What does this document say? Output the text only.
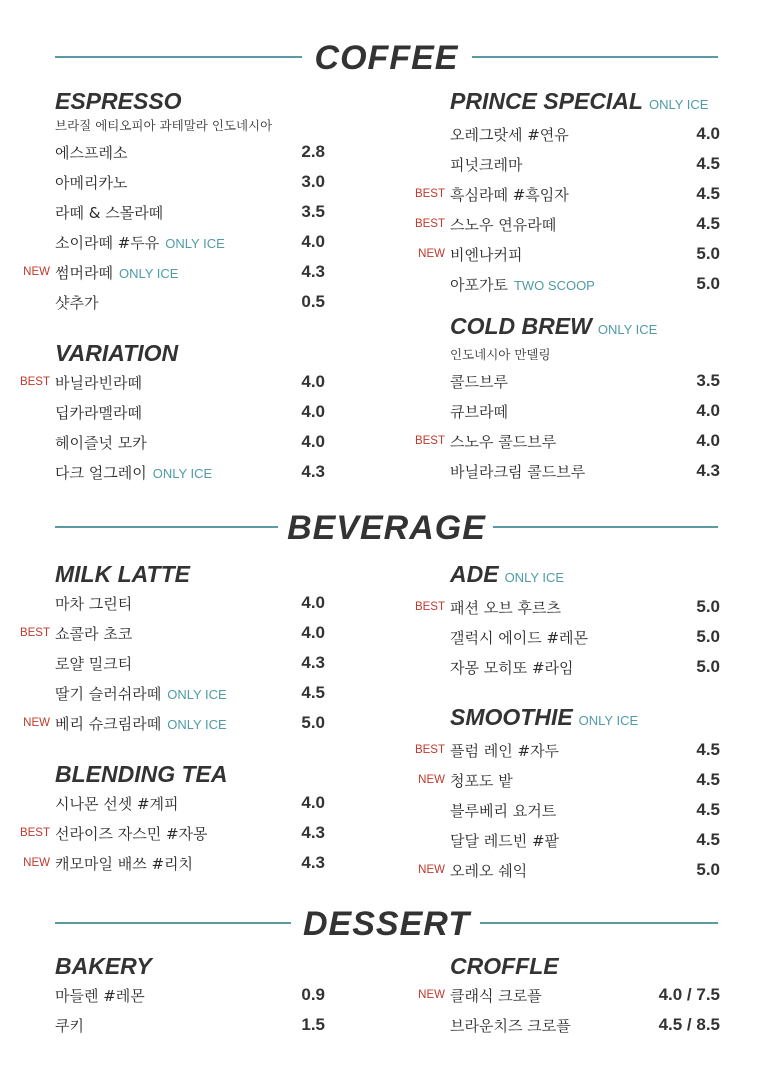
COFFEE
BEVERAGE
DESSERT
ESPRESSO
브라질 에티오피아 과테말라 인도네시아
에스프레소	2.8
아메리카노	3.0
라떼 & 스몰라떼	3.5
소이라떼 #두유 ONLY ICE	4.0
NEW 썸머라떼 ONLY ICE	4.3
샷추가	0.5
VARIATION
BEST 바닐라빈라떼	4.0
딥카라멜라떼	4.0
헤이즐넛 모카	4.0
다크 얼그레이 ONLY ICE	4.3
PRINCE SPECIAL ONLY ICE
오레그랏세 #연유	4.0
피넛크레마	4.5
BEST 흑심라떼 #흑임자	4.5
BEST 스노우 연유라떼	4.5
NEW 비엔나커피	5.0
아포가토 TWO SCOOP	5.0
COLD BREW ONLY ICE
인도네시아 만델링
콜드브루	3.5
큐브라떼	4.0
BEST 스노우 콜드브루	4.0
바닐라크림 콜드브루	4.3
MILK LATTE
마차 그린티	4.0
BEST 쇼콜라 초코	4.0
로얄 밀크티	4.3
딸기 슬러쉬라떼 ONLY ICE	4.5
NEW 베리 슈크림라떼 ONLY ICE	5.0
BLENDING TEA
시나몬 선셋 #계피	4.0
BEST 선라이즈 자스민 #자몽	4.3
NEW 캐모마일 배쓰 #리치	4.3
ADE ONLY ICE
BEST 패션 오브 후르츠	5.0
갤럭시 에이드 #레몬	5.0
자몽 모히또 #라임	5.0
SMOOTHIE ONLY ICE
BEST 플럼 레인 #자두	4.5
NEW 청포도 밭	4.5
블루베리 요거트	4.5
달달 레드빈 #팥	4.5
NEW 오레오 쉐익	5.0
BAKERY
마들렌 #레몬	0.9
쿠키	1.5
CROFFLE
NEW 클래식 크로플	4.0 / 7.5
브라운치즈 크로플	4.5 / 8.5
